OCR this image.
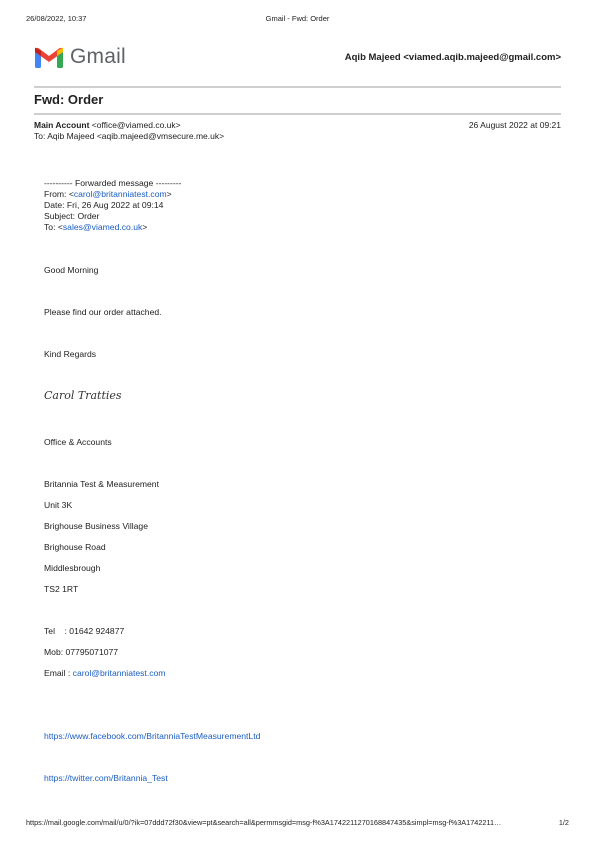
26/08/2022, 10:37	Gmail - Fwd: Order
Gmail	Aqib Majeed <viamed.aqib.majeed@gmail.com>
Fwd: Order
Main Account <office@viamed.co.uk>	26 August 2022 at 09:21
To: Aqib Majeed <aqib.majeed@vmsecure.me.uk>
---------- Forwarded message ---------
From: <carol@britanniatest.com>
Date: Fri, 26 Aug 2022 at 09:14
Subject: Order
To: <sales@viamed.co.uk>
Good Morning
Please find our order attached.
Kind Regards
Carol Tratties
Office & Accounts
Britannia Test & Measurement
Unit 3K
Brighouse Business Village
Brighouse Road
Middlesbrough
TS2 1RT
Tel    : 01642 924877
Mob: 07795071077
Email : carol@britanniatest.com
https://www.facebook.com/BritanniaTestMeasurementLtd
https://twitter.com/Britannia_Test
https://mail.google.com/mail/u/0/?ik=07ddd72f30&view=pt&search=all&permmsgid=msg-f%3A1742211270168847435&simpl=msg-f%3A1742211…	1/2
